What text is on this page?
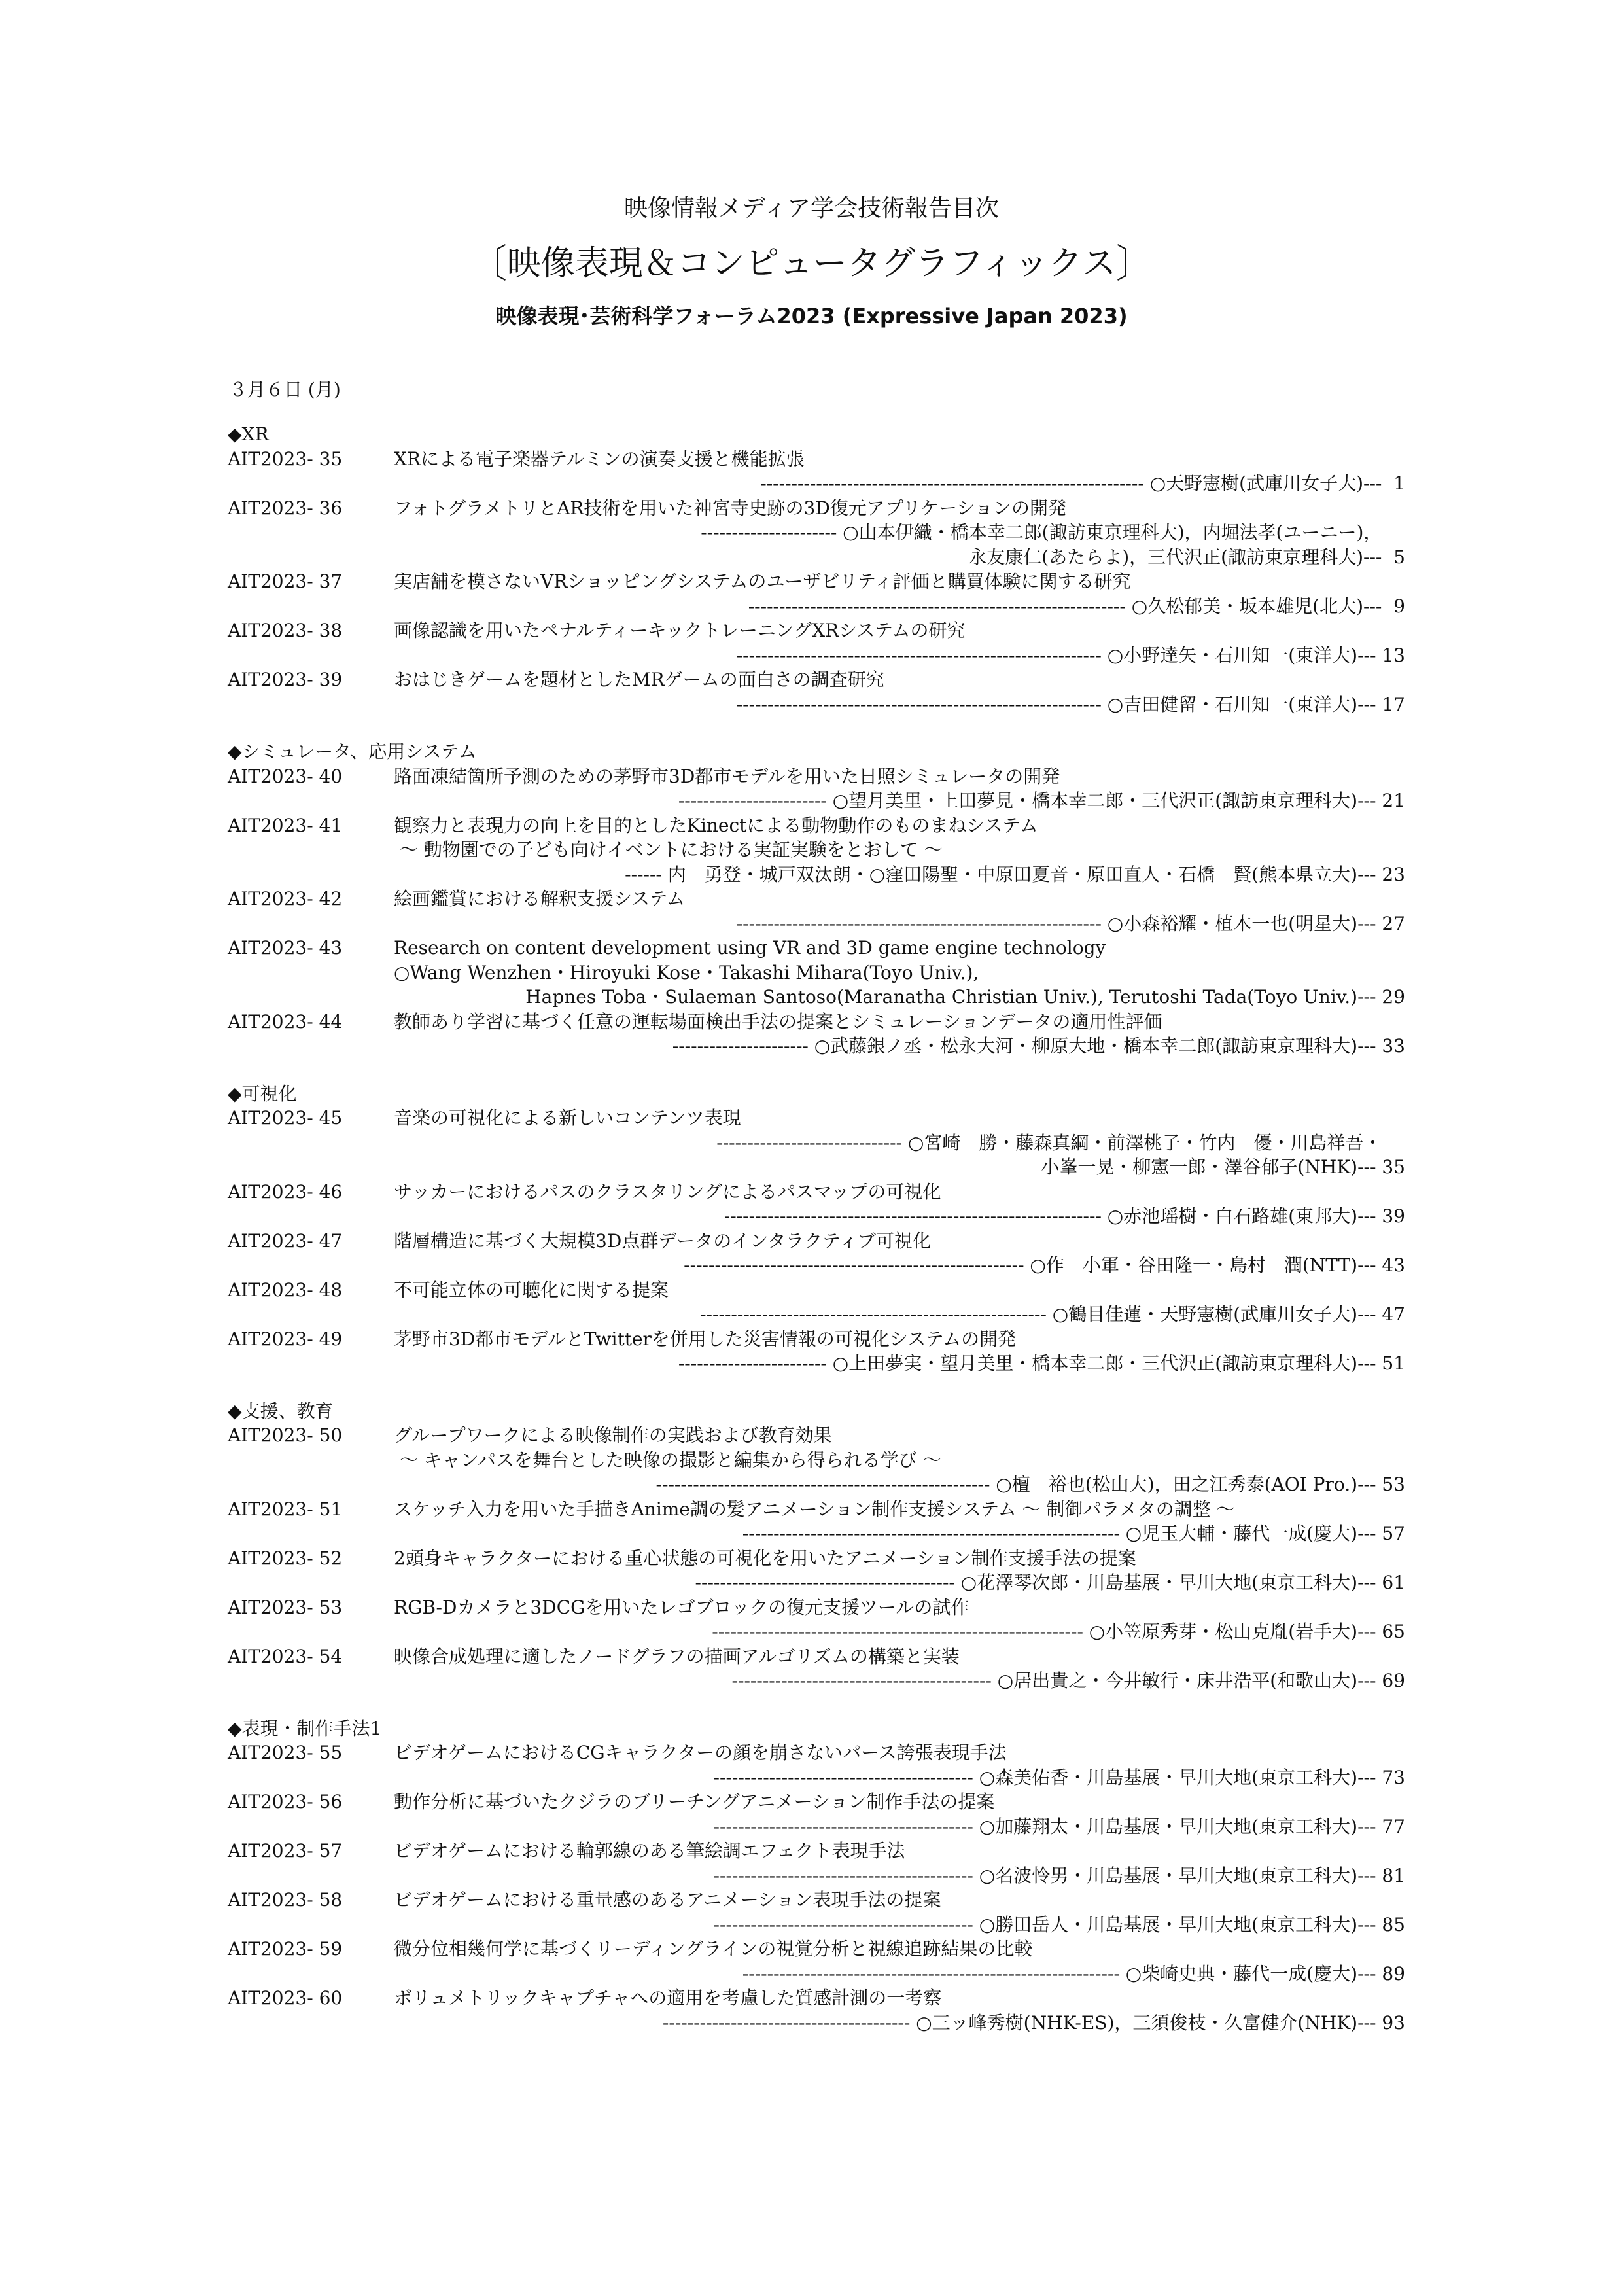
映像情報メディア学会技術報告目次
〔映像表現＆コンピュータグラフィックス〕
映像表現･芸術科学フォーラム2023 (Expressive Japan 2023)
３月６日 (月)
◆XR
AIT2023- 35	XRによる電子楽器テルミンの演奏支援と機能拡張
-------------------------------------------------------------- ○天野憲樹(武庫川女子大)---  1
AIT2023- 36	フォトグラメトリとAR技術を用いた神宮寺史跡の3D復元アプリケーションの開発
---------------------- ○山本伊織・橋本幸二郎(諏訪東京理科大)，内堀法孝(ユーニー)，
永友康仁(あたらよ)，三代沢正(諏訪東京理科大)---  5
AIT2023- 37	実店舗を模さないVRショッピングシステムのユーザビリティ評価と購買体験に関する研究
------------------------------------------------------------- ○久松郁美・坂本雄児(北大)---  9
AIT2023- 38	画像認識を用いたペナルティーキックトレーニングXRシステムの研究
----------------------------------------------------------- ○小野達矢・石川知一(東洋大)--- 13
AIT2023- 39	おはじきゲームを題材としたMRゲームの面白さの調査研究
----------------------------------------------------------- ○吉田健留・石川知一(東洋大)--- 17
◆シミュレータ、応用システム
AIT2023- 40	路面凍結箇所予測のための茅野市3D都市モデルを用いた日照シミュレータの開発
------------------------ ○望月美里・上田夢見・橋本幸二郎・三代沢正(諏訪東京理科大)--- 21
AIT2023- 41	観察力と表現力の向上を目的としたKinectによる動物動作のものまねシステム
～ 動物園での子ども向けイベントにおける実証実験をとおして ～
------ 内　勇登・城戸双汰朗・○窪田陽聖・中原田夏音・原田直人・石橋　賢(熊本県立大)--- 23
AIT2023- 42	絵画鑑賞における解釈支援システム
----------------------------------------------------------- ○小森裕耀・植木一也(明星大)--- 27
AIT2023- 43	Research on content development using VR and 3D game engine technology
○Wang Wenzhen・Hiroyuki Kose・Takashi Mihara(Toyo Univ.),
Hapnes Toba・Sulaeman Santoso(Maranatha Christian Univ.), Terutoshi Tada(Toyo Univ.)--- 29
AIT2023- 44	教師あり学習に基づく任意の運転場面検出手法の提案とシミュレーションデータの適用性評価
---------------------- ○武藤銀ノ丞・松永大河・柳原大地・橋本幸二郎(諏訪東京理科大)--- 33
◆可視化
AIT2023- 45	音楽の可視化による新しいコンテンツ表現
------------------------------ ○宮崎　勝・藤森真綱・前澤桃子・竹内　優・川島祥吾・
小峯一晃・柳憲一郎・澤谷郁子(NHK)--- 35
AIT2023- 46	サッカーにおけるパスのクラスタリングによるパスマップの可視化
------------------------------------------------------------- ○赤池瑶樹・白石路雄(東邦大)--- 39
AIT2023- 47	階層構造に基づく大規模3D点群データのインタラクティブ可視化
------------------------------------------------------- ○作　小軍・谷田隆一・島村　潤(NTT)--- 43
AIT2023- 48	不可能立体の可聴化に関する提案
-------------------------------------------------------- ○鶴目佳蓮・天野憲樹(武庫川女子大)--- 47
AIT2023- 49	茅野市3D都市モデルとTwitterを併用した災害情報の可視化システムの開発
------------------------ ○上田夢実・望月美里・橋本幸二郎・三代沢正(諏訪東京理科大)--- 51
◆支援、教育
AIT2023- 50	グループワークによる映像制作の実践および教育効果
～ キャンパスを舞台とした映像の撮影と編集から得られる学び ～
------------------------------------------------------ ○檀　裕也(松山大)，田之江秀泰(AOI Pro.)--- 53
AIT2023- 51	スケッチ入力を用いた手描きAnime調の髪アニメーション制作支援システム ～ 制御パラメタの調整 ～
------------------------------------------------------------- ○児玉大輔・藤代一成(慶大)--- 57
AIT2023- 52	2頭身キャラクターにおける重心状態の可視化を用いたアニメーション制作支援手法の提案
------------------------------------------ ○花澤琴次郎・川島基展・早川大地(東京工科大)--- 61
AIT2023- 53	RGB-Dカメラと3DCGを用いたレゴブロックの復元支援ツールの試作
------------------------------------------------------------ ○小笠原秀芽・松山克胤(岩手大)--- 65
AIT2023- 54	映像合成処理に適したノードグラフの描画アルゴリズムの構築と実装
------------------------------------------ ○居出貴之・今井敏行・床井浩平(和歌山大)--- 69
◆表現・制作手法1
AIT2023- 55	ビデオゲームにおけるCGキャラクターの顔を崩さないパース誇張表現手法
------------------------------------------ ○森美佑香・川島基展・早川大地(東京工科大)--- 73
AIT2023- 56	動作分析に基づいたクジラのブリーチングアニメーション制作手法の提案
------------------------------------------ ○加藤翔太・川島基展・早川大地(東京工科大)--- 77
AIT2023- 57	ビデオゲームにおける輪郭線のある筆絵調エフェクト表現手法
------------------------------------------ ○名波怜男・川島基展・早川大地(東京工科大)--- 81
AIT2023- 58	ビデオゲームにおける重量感のあるアニメーション表現手法の提案
------------------------------------------ ○勝田岳人・川島基展・早川大地(東京工科大)--- 85
AIT2023- 59	微分位相幾何学に基づくリーディングラインの視覚分析と視線追跡結果の比較
------------------------------------------------------------- ○柴崎史典・藤代一成(慶大)--- 89
AIT2023- 60	ボリュメトリックキャプチャへの適用を考慮した質感計測の一考察
---------------------------------------- ○三ッ峰秀樹(NHK-ES)，三須俊枝・久富健介(NHK)--- 93
